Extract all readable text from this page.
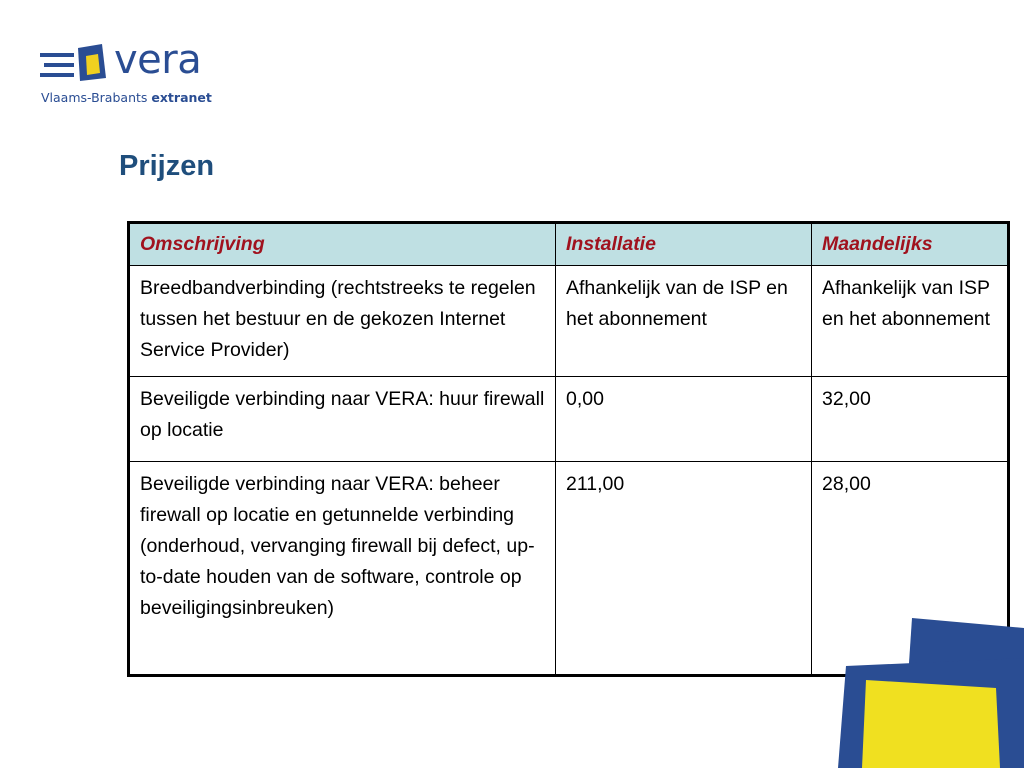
vera
Vlaams-Brabants extranet
Prijzen
Omschrijving	Installatie	Maandelijks
Breedbandverbinding (rechtstreeks te regelen tussen het bestuur en de gekozen Internet Service Provider)	Afhankelijk van de ISP en het abonnement	Afhankelijk van ISP en het abonnement
Beveiligde verbinding naar VERA: huur firewall op locatie	0,00	32,00
Beveiligde verbinding naar VERA: beheer firewall op locatie en getunnelde verbinding (onderhoud, vervanging firewall bij defect, up-to-date houden van de software, controle op beveiligingsinbreuken)	211,00	28,00
